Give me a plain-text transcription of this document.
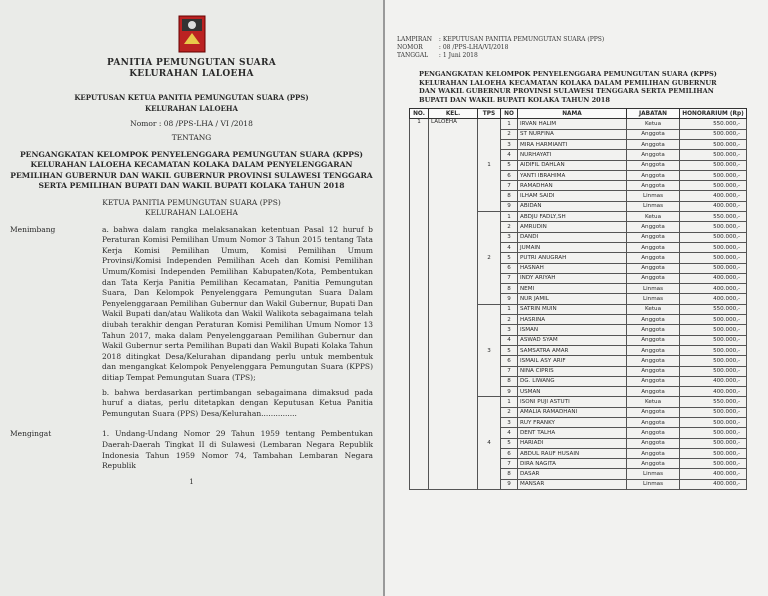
PANITIA PEMUNGUTAN SUARA
KELURAHAN LALOEHA
KEPUTUSAN KETUA PANITIA PEMUNGUTAN SUARA (PPS)
KELURAHAN LALOEHA
Nomor : 08 /PPS-LHA / VI /2018
TENTANG
PENGANGKATAN KELOMPOK PENYELENGGARA PEMUNGUTAN SUARA (KPPS) KELURAHAN LALOEHA KECAMATAN KOLAKA DALAM PENYELENGGARAN PEMILIHAN GUBERNUR DAN WAKIL GUBERNUR PROVINSI SULAWESI TENGGARA SERTA PEMILIHAN BUPATI DAN WAKIL BUPATI KOLAKA TAHUN 2018
KETUA PANITIA PEMUNGUTAN SUARA (PPS)
KELURAHAN LALOEHA
Menimbang	a. bahwa dalam rangka melaksanakan ketentuan Pasal 12 huruf b Peraturan Komisi Pemilihan Umum Nomor 3 Tahun 2015 tentang Tata Kerja Komisi Pemilihan Umum, Komisi Pemilihan Umum Provinsi/Komisi Independen Pemilihan Aceh dan Komisi Pemilihan Umum/Komisi Independen Pemilihan Kabupaten/Kota, Pembentukan dan Tata Kerja Panitia Pemilihan Kecamatan, Panitia Pemungutan Suara, Dan Kelompok Penyelenggara Pemungutan Suara Dalam Penyelenggaraan Pemilihan Gubernur dan Wakil Gubernur, Bupati Dan Wakil Bupati dan/atau Walikota dan Wakil Walikota sebagaimana telah diubah terakhir dengan Peraturan Komisi Pemilihan Umum Nomor 13 Tahun 2017, maka dalam Penyelenggaraan Pemilihan Gubernur dan Wakil Gubernur serta Pemilihan Bupati dan Wakil Bupati Kolaka Tahun 2018 ditingkat Desa/Kelurahan dipandang perlu untuk membentuk dan mengangkat Kelompok Penyelenggara Pemungutan Suara (KPPS) ditiap Tempat Pemungutan Suara (TPS);
b. bahwa berdasarkan pertimbangan sebagaimana dimaksud pada huruf a diatas, perlu ditetapkan dengan Keputusan Ketua Panitia Pemungutan Suara (PPS) Desa/Kelurahan...............
Mengingat	1. Undang-Undang Nomor 29 Tahun 1959 tentang Pembentukan Daerah-Daerah Tingkat II di Sulawesi (Lembaran Negara Republik Indonesia Tahun 1959 Nomor 74, Tambahan Lembaran Negara Republik
1
LAMPIRAN : KEPUTUSAN PANITIA PEMUNGUTAN SUARA (PPS)
NOMOR	: 08 /PPS-LHA/VI/2018
TANGGAL : 1 Juni 2018
PENGANGKATAN KELOMPOK PENYELENGGARA PEMUNGUTAN SUARA (KPPS) KELURAHAN LALOEHA KECAMATAN KOLAKA DALAM PEMILIHAN GUBERNUR DAN WAKIL GUBERNUR PROVINSI SULAWESI TENGGARA SERTA PEMILIHAN BUPATI DAN WAKIL BUPATI KOLAKA TAHUN 2018
NO.	KEL.	TPS	NO	NAMA	JABATAN	HONORARIUM (Rp)
1	LALOEHA	1	1	IRVAN HALIM	Ketua	550.000,-
			2	ST NURFINA	Anggota	500.000,-
			3	MIRA HARMIANTI	Anggota	500.000,-
			4	NURHAYATI	Anggota	500.000,-
			5	AIDIFIL DAHLAN	Anggota	500.000,-
			6	YANTI IBRAHIMA	Anggota	500.000,-
			7	RAMADHAN	Anggota	500.000,-
			8	ILHAM SAIDI	Linmas	400.000,-
			9	ABIDAN	Linmas	400.000,-
		2	1	ABDJU FADLY,SH	Ketua	550.000,-
			2	AMRUDIN	Anggota	500.000,-
			3	DANDI	Anggota	500.000,-
			4	JUMAIN	Anggota	500.000,-
			5	PUTRI ANUGRAH	Anggota	500.000,-
			6	HASNAH	Anggota	500.000,-
			7	INDY ARIYAH	Anggota	400.000,-
			8	NEMI	Linmas	400.000,-
			9	NUR JAMIL	Linmas	400.000,-
		3	1	SATRIN MUIN	Ketua	550.000,-
			2	HASRINA	Anggota	500.000,-
			3	ISMAN	Anggota	500.000,-
			4	ASWAD SYAM	Anggota	500.000,-
			5	SAMSATRA AMAR	Anggota	500.000,-
			6	ISMAIL ASY ARIF	Anggota	500.000,-
			7	NINA CIPRIS	Anggota	500.000,-
			8	DG. LIWANG	Anggota	400.000,-
			9	USMAN	Anggota	400.000,-
		4	1	ISONI PUJI ASTUTI	Ketua	550.000,-
			2	AMALIA RAMADHANI	Anggota	500.000,-
			3	RUY FRANKY	Anggota	500.000,-
			4	DENT TALHA	Anggota	500.000,-
			5	HARIADI	Anggota	500.000,-
			6	ABDUL RAUF HUSAIN	Anggota	500.000,-
			7	DIRA NAGITA	Anggota	500.000,-
			8	DASAR	Linmas	400.000,-
			9	MANSAR	Linmas	400.000,-
